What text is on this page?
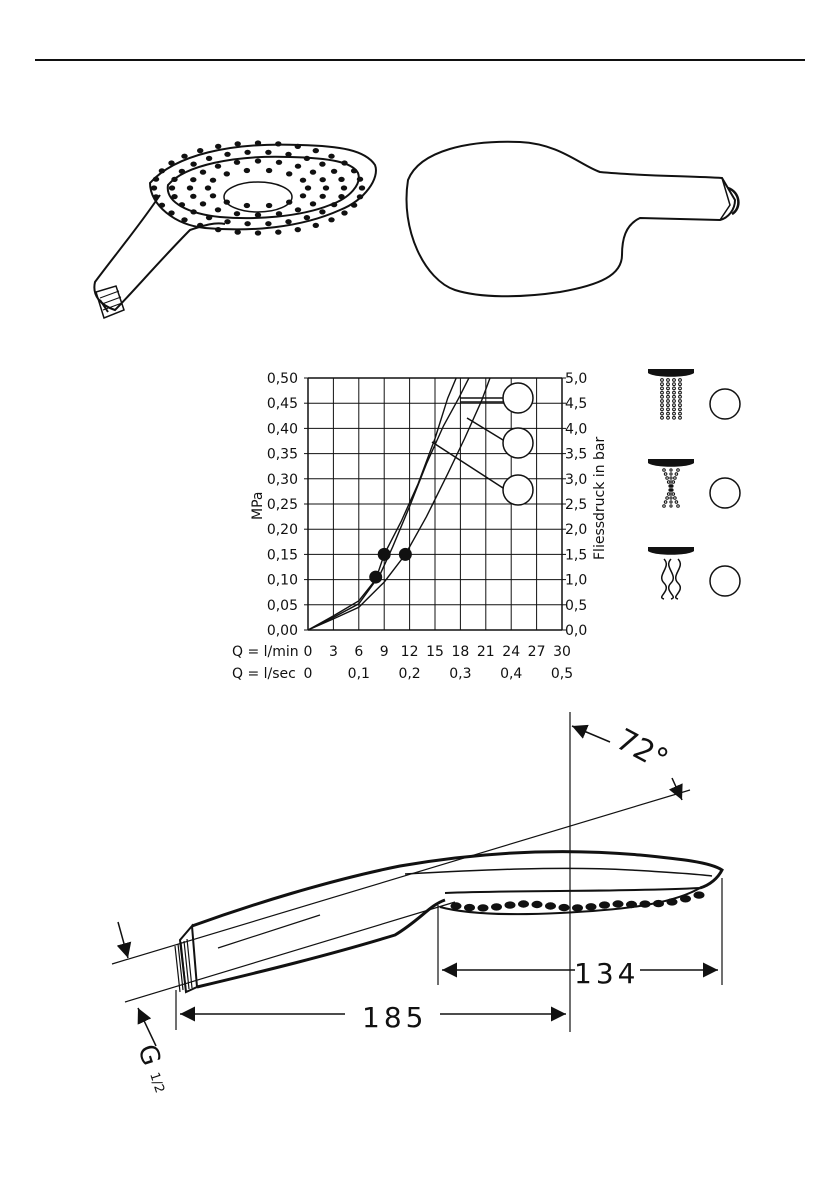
0,00
0,05
0,10
0,15
0,20
0,25
0,30
0,35
0,40
0,45
0,50
0,0
0,5
1,0
1,5
2,0
2,5
3,0
3,5
4,0
4,5
5,0
0 3 6 9 12 15 18 21 24 27 30
0	0,1 0,2 0,3 0,4 0,5
Q = l/min
Q = l/sec
MPa	Fliessdruck in bar
72°
134
185
G
1/2
